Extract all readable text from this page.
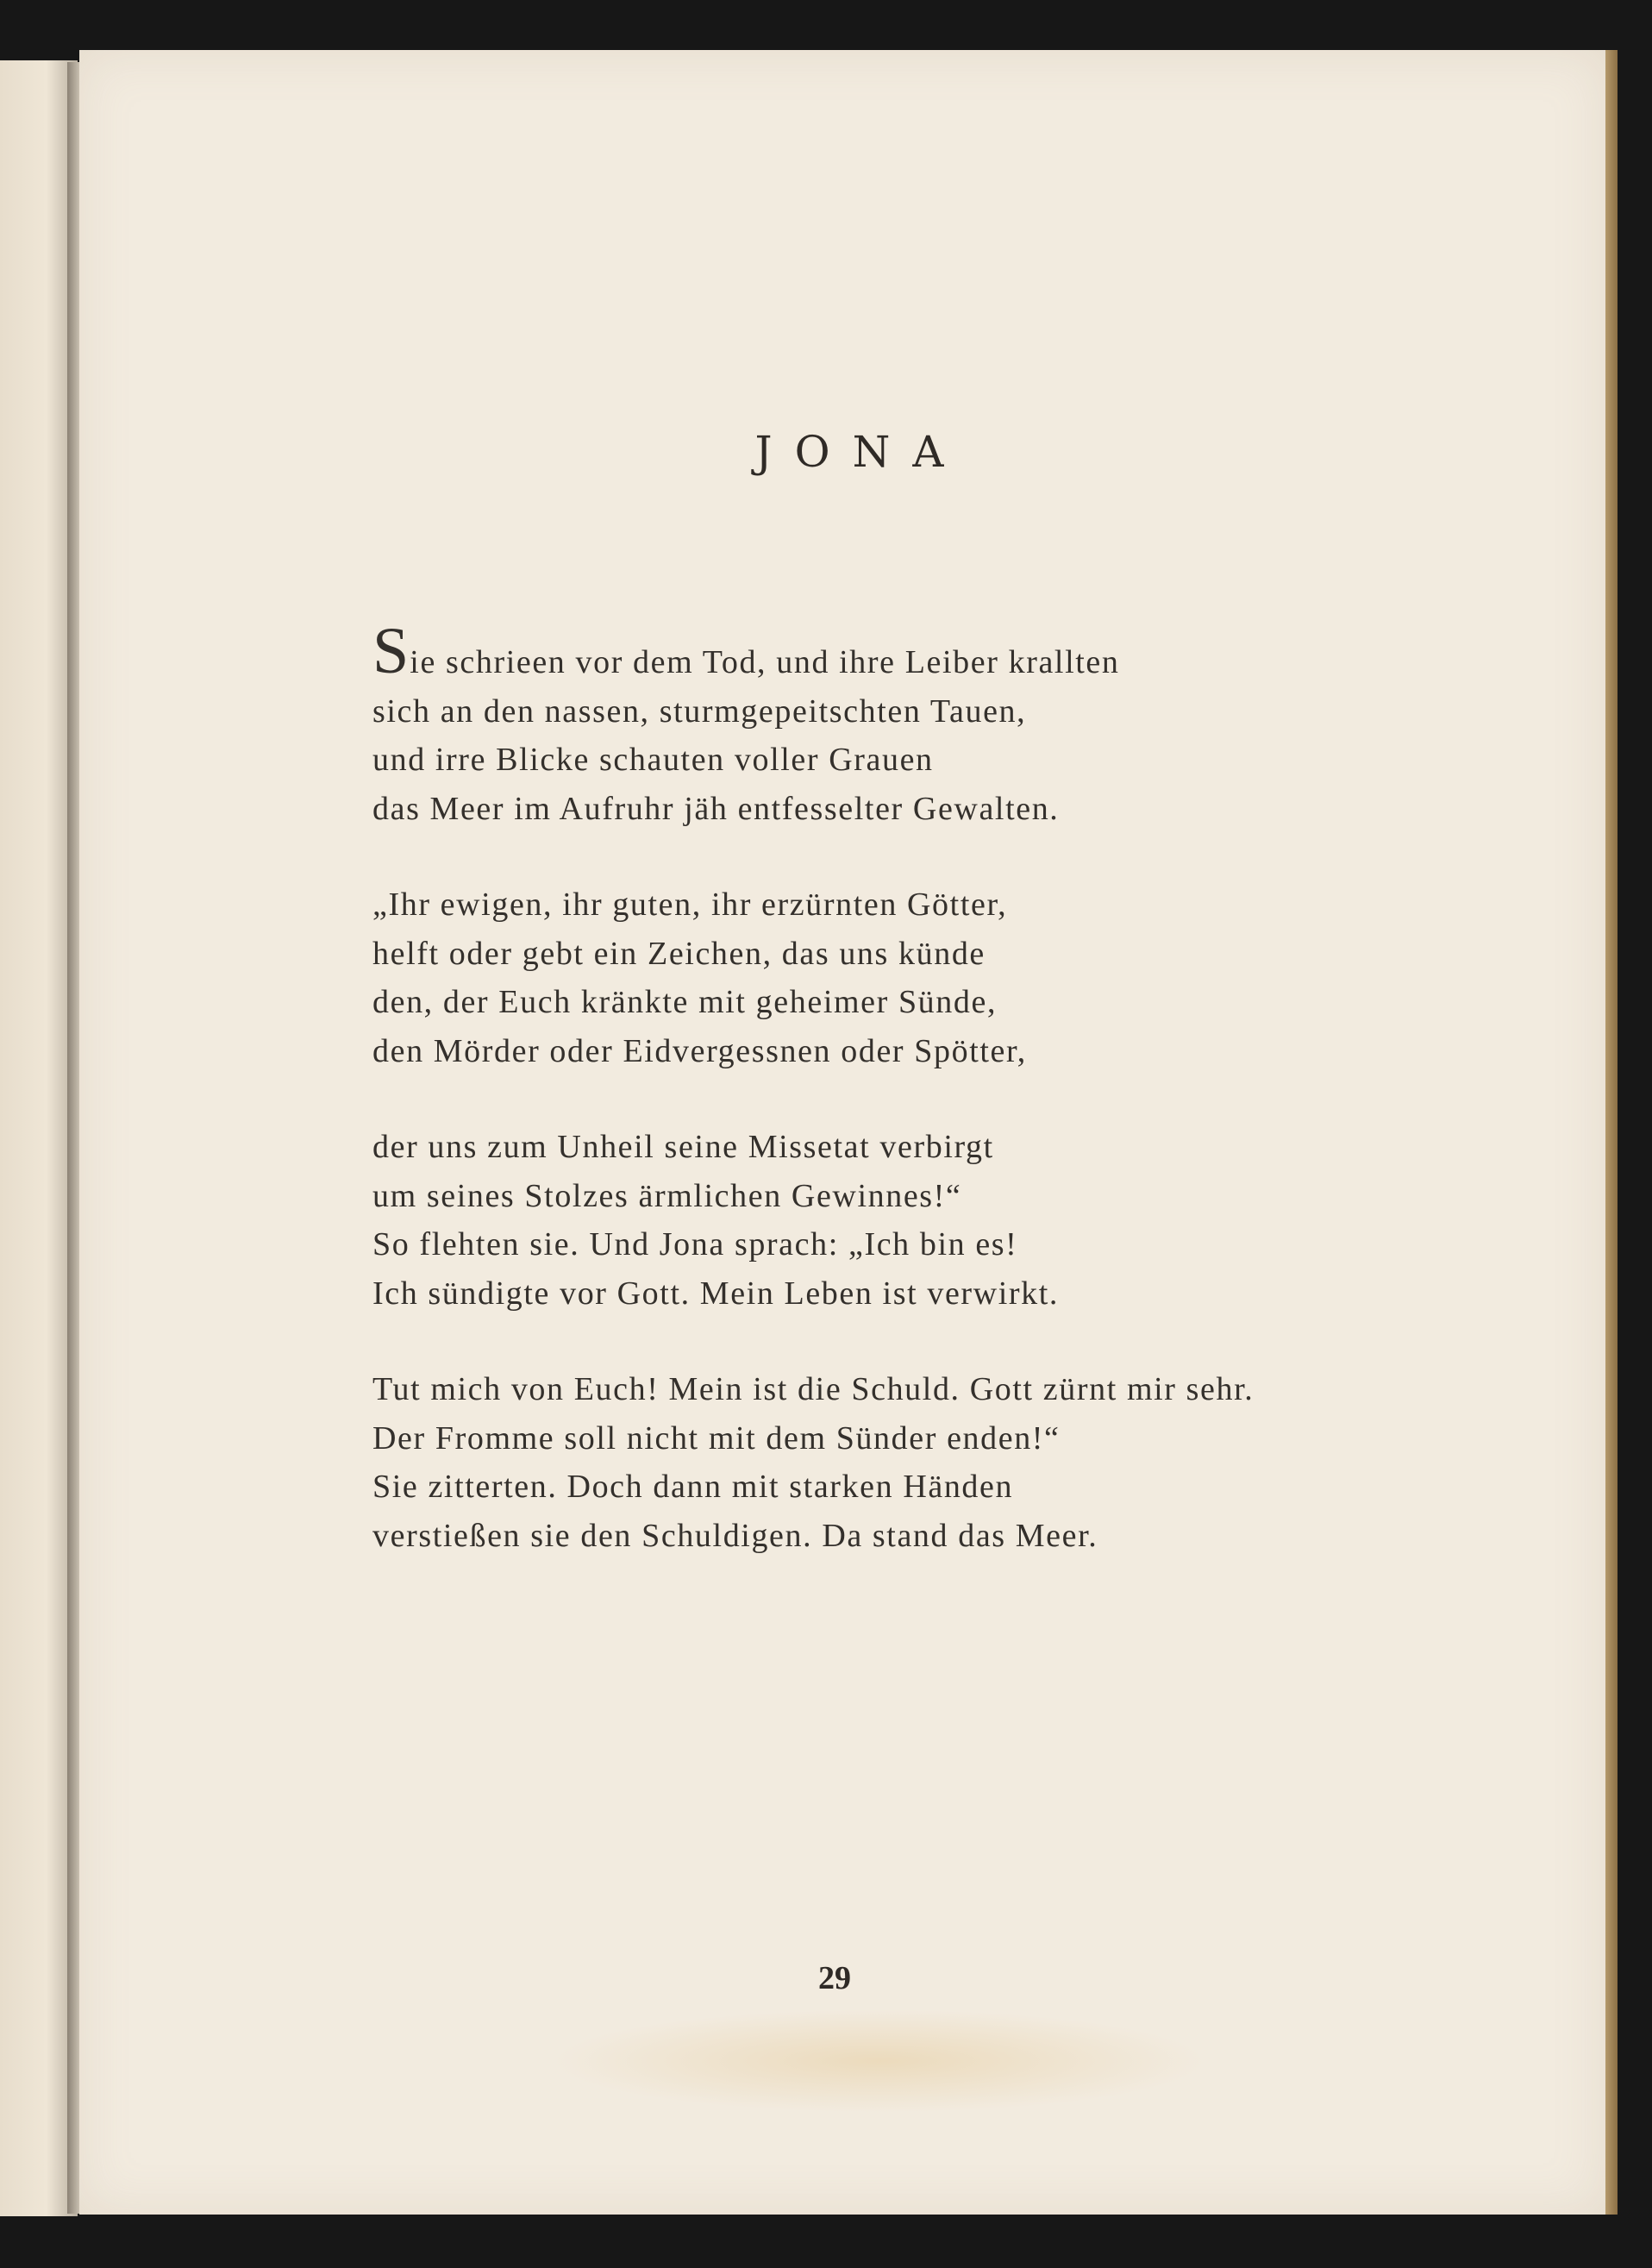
JONA
Sie schrieen vor dem Tod, und ihre Leiber krallten
sich an den nassen, sturmgepeitschten Tauen,
und irre Blicke schauten voller Grauen
das Meer im Aufruhr jäh entfesselter Gewalten.
„Ihr ewigen, ihr guten, ihr erzürnten Götter,
helft oder gebt ein Zeichen, das uns künde
den, der Euch kränkte mit geheimer Sünde,
den Mörder oder Eidvergessnen oder Spötter,
der uns zum Unheil seine Missetat verbirgt
um seines Stolzes ärmlichen Gewinnes!“
So flehten sie. Und Jona sprach: „Ich bin es!
Ich sündigte vor Gott. Mein Leben ist verwirkt.
Tut mich von Euch! Mein ist die Schuld. Gott zürnt mir sehr.
Der Fromme soll nicht mit dem Sünder enden!“
Sie zitterten. Doch dann mit starken Händen
verstießen sie den Schuldigen. Da stand das Meer.
29
